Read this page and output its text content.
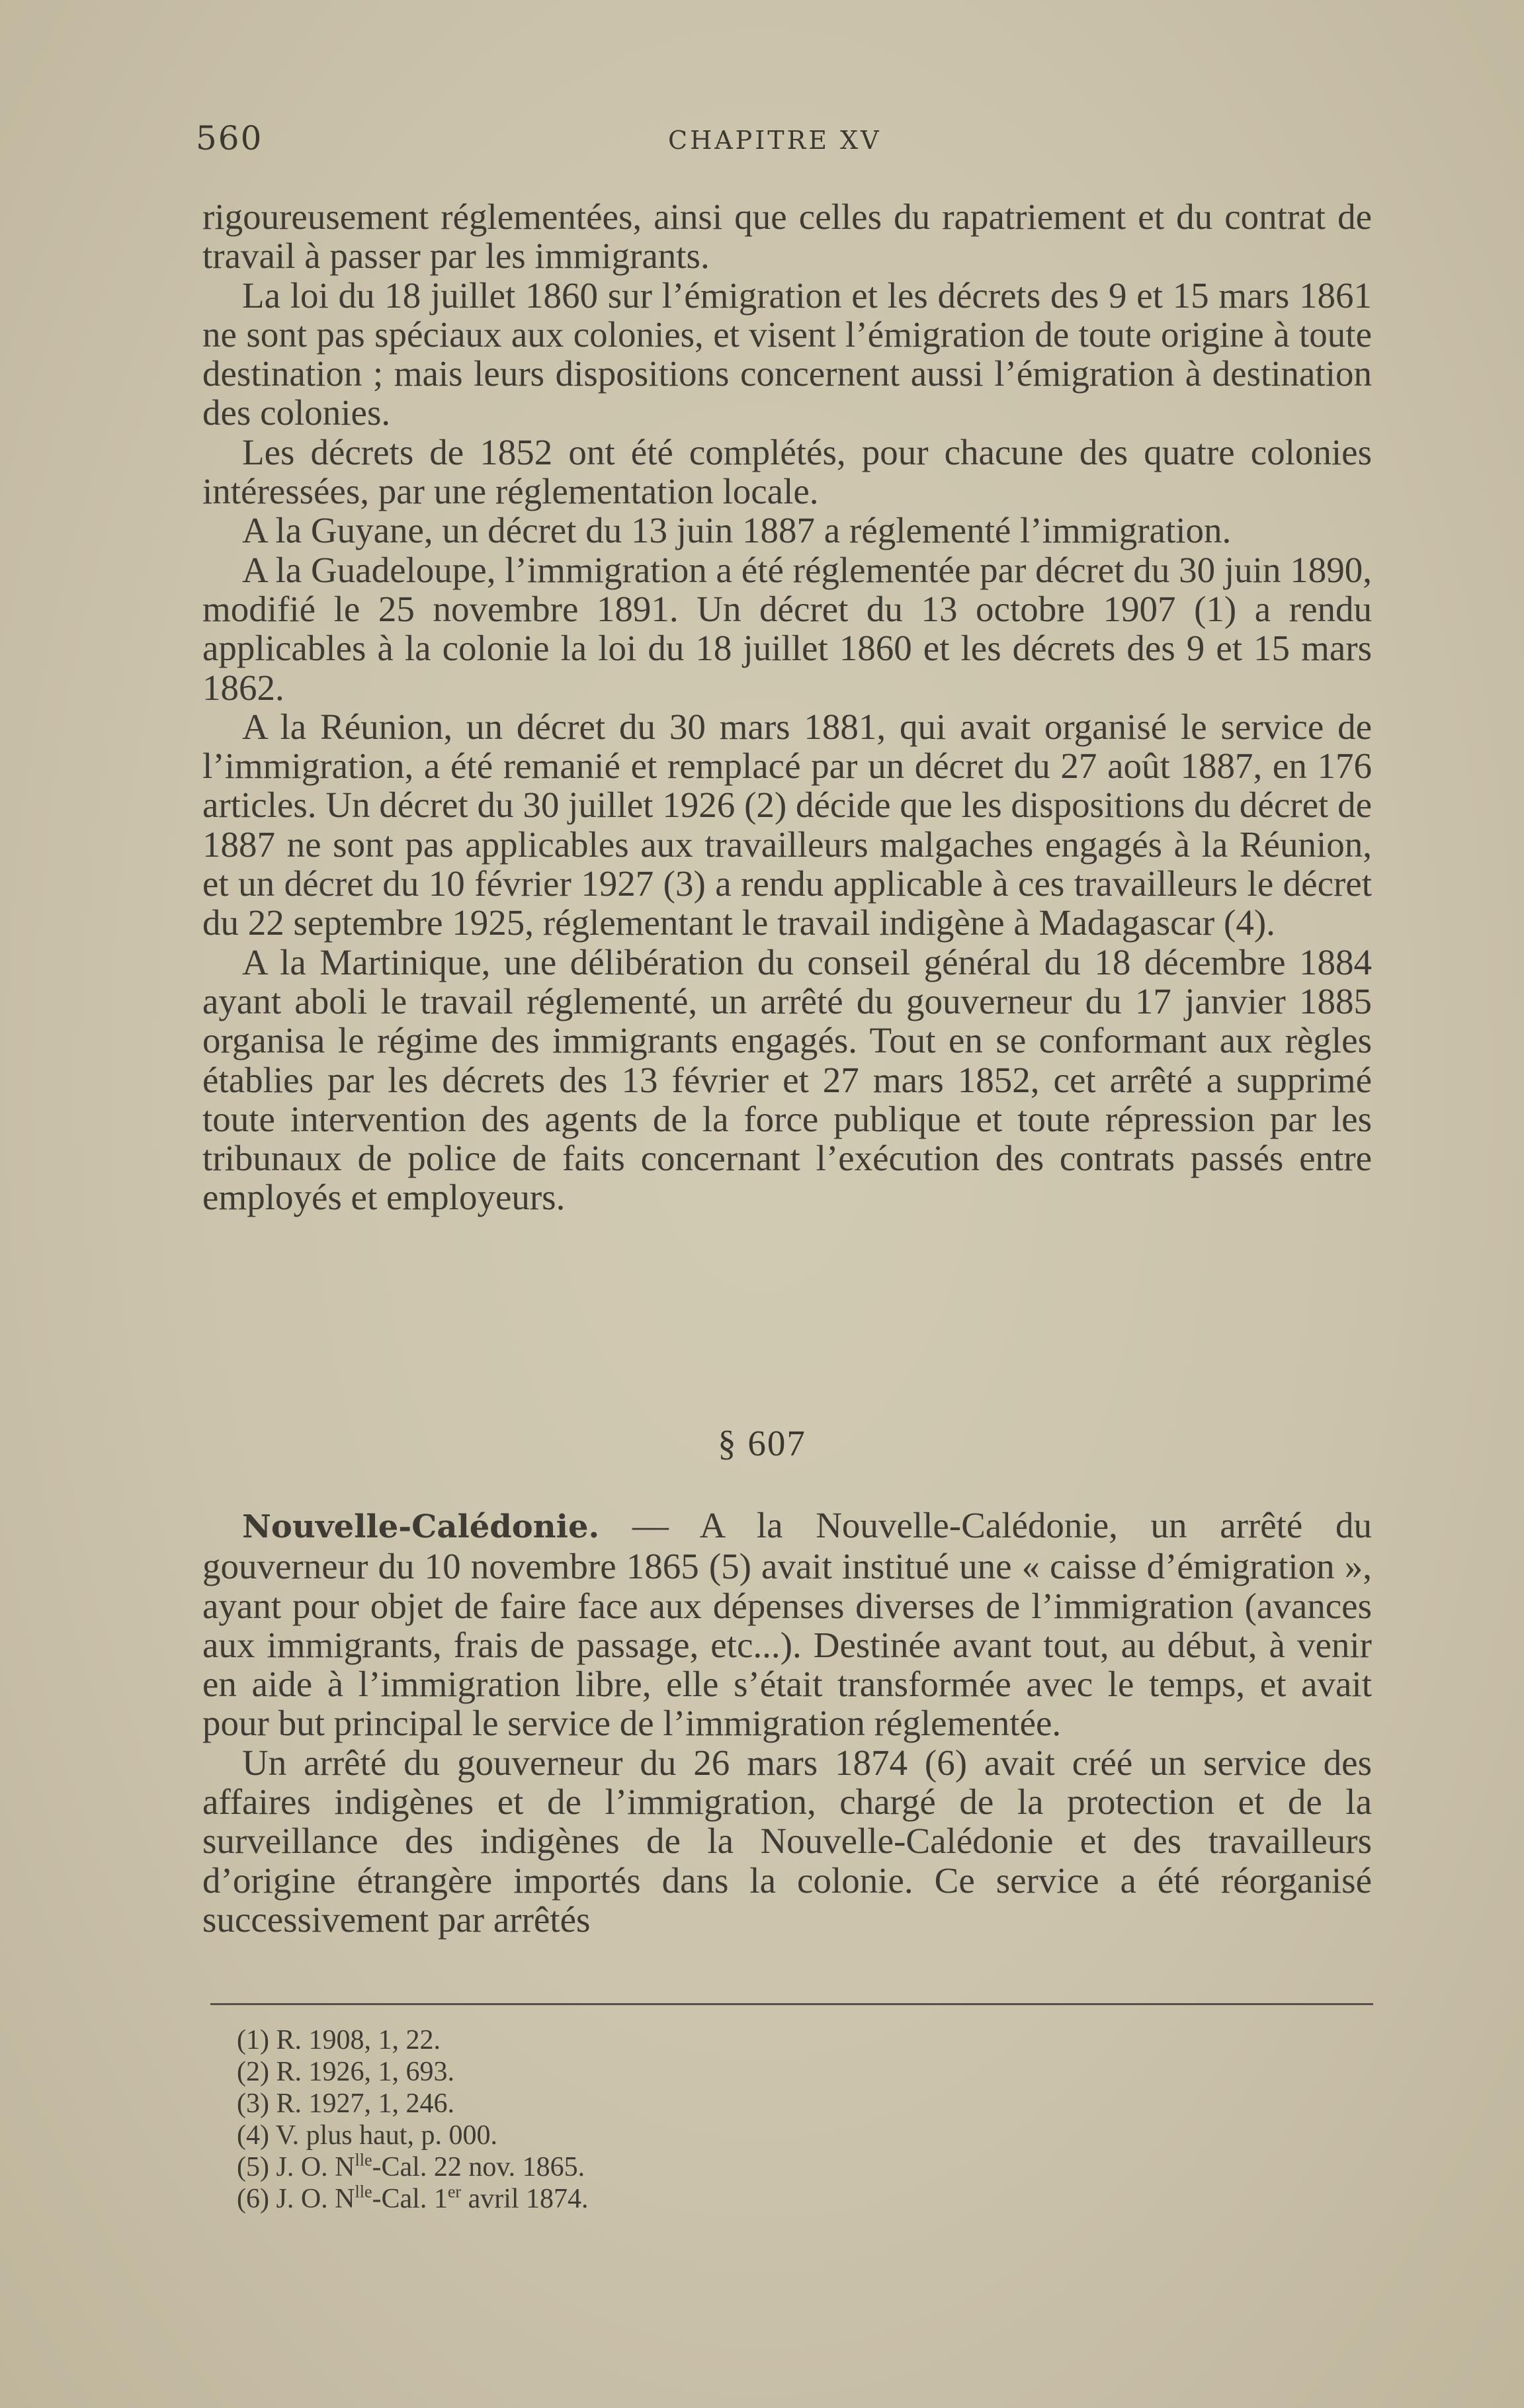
560	CHAPITRE XV

rigoureusement réglementées, ainsi que celles du rapatriement et du contrat de travail à passer par les immigrants.

La loi du 18 juillet 1860 sur l’émigration et les décrets des 9 et 15 mars 1861 ne sont pas spéciaux aux colonies, et visent l’émigration de toute origine à toute destination ; mais leurs dispositions concernent aussi l’émigration à destination des colonies.

Les décrets de 1852 ont été complétés, pour chacune des quatre colonies intéressées, par une réglementation locale.

A la Guyane, un décret du 13 juin 1887 a réglementé l’immigration.

A la Guadeloupe, l’immigration a été réglementée par décret du 30 juin 1890, modifié le 25 novembre 1891. Un décret du 13 octobre 1907 (1) a rendu applicables à la colonie la loi du 18 juillet 1860 et les décrets des 9 et 15 mars 1862.

A la Réunion, un décret du 30 mars 1881, qui avait organisé le service de l’immigration, a été remanié et remplacé par un décret du 27 août 1887, en 176 articles. Un décret du 30 juillet 1926 (2) décide que les dispositions du décret de 1887 ne sont pas applicables aux travailleurs malgaches engagés à la Réunion, et un décret du 10 février 1927 (3) a rendu applicable à ces travailleurs le décret du 22 septembre 1925, réglementant le travail indigène à Madagascar (4).

A la Martinique, une délibération du conseil général du 18 décembre 1884 ayant aboli le travail réglementé, un arrêté du gouverneur du 17 janvier 1885 organisa le régime des immigrants engagés. Tout en se conformant aux règles établies par les décrets des 13 février et 27 mars 1852, cet arrêté a supprimé toute intervention des agents de la force publique et toute répression par les tribunaux de police de faits concernant l’exécution des contrats passés entre employés et employeurs.

§ 607

Nouvelle-Calédonie. — A la Nouvelle-Calédonie, un arrêté du gouverneur du 10 novembre 1865 (5) avait institué une « caisse d’émigration », ayant pour objet de faire face aux dépenses diverses de l’immigration (avances aux immigrants, frais de passage, etc...). Destinée avant tout, au début, à venir en aide à l’immigration libre, elle s’était transformée avec le temps, et avait pour but principal le service de l’immigration réglementée.

Un arrêté du gouverneur du 26 mars 1874 (6) avait créé un service des affaires indigènes et de l’immigration, chargé de la protection et de la surveillance des indigènes de la Nouvelle-Calédonie et des travailleurs d’origine étrangère importés dans la colonie. Ce service a été réorganisé successivement par arrêtés

(1) R. 1908, 1, 22.
(2) R. 1926, 1, 693.
(3) R. 1927, 1, 246.
(4) V. plus haut, p. 000.
(5) J. O. $N^{lle}$-Cal. 22 nov. 1865.
(6) J. O. $N^{lle}$-Cal. 1er avril 1874.
